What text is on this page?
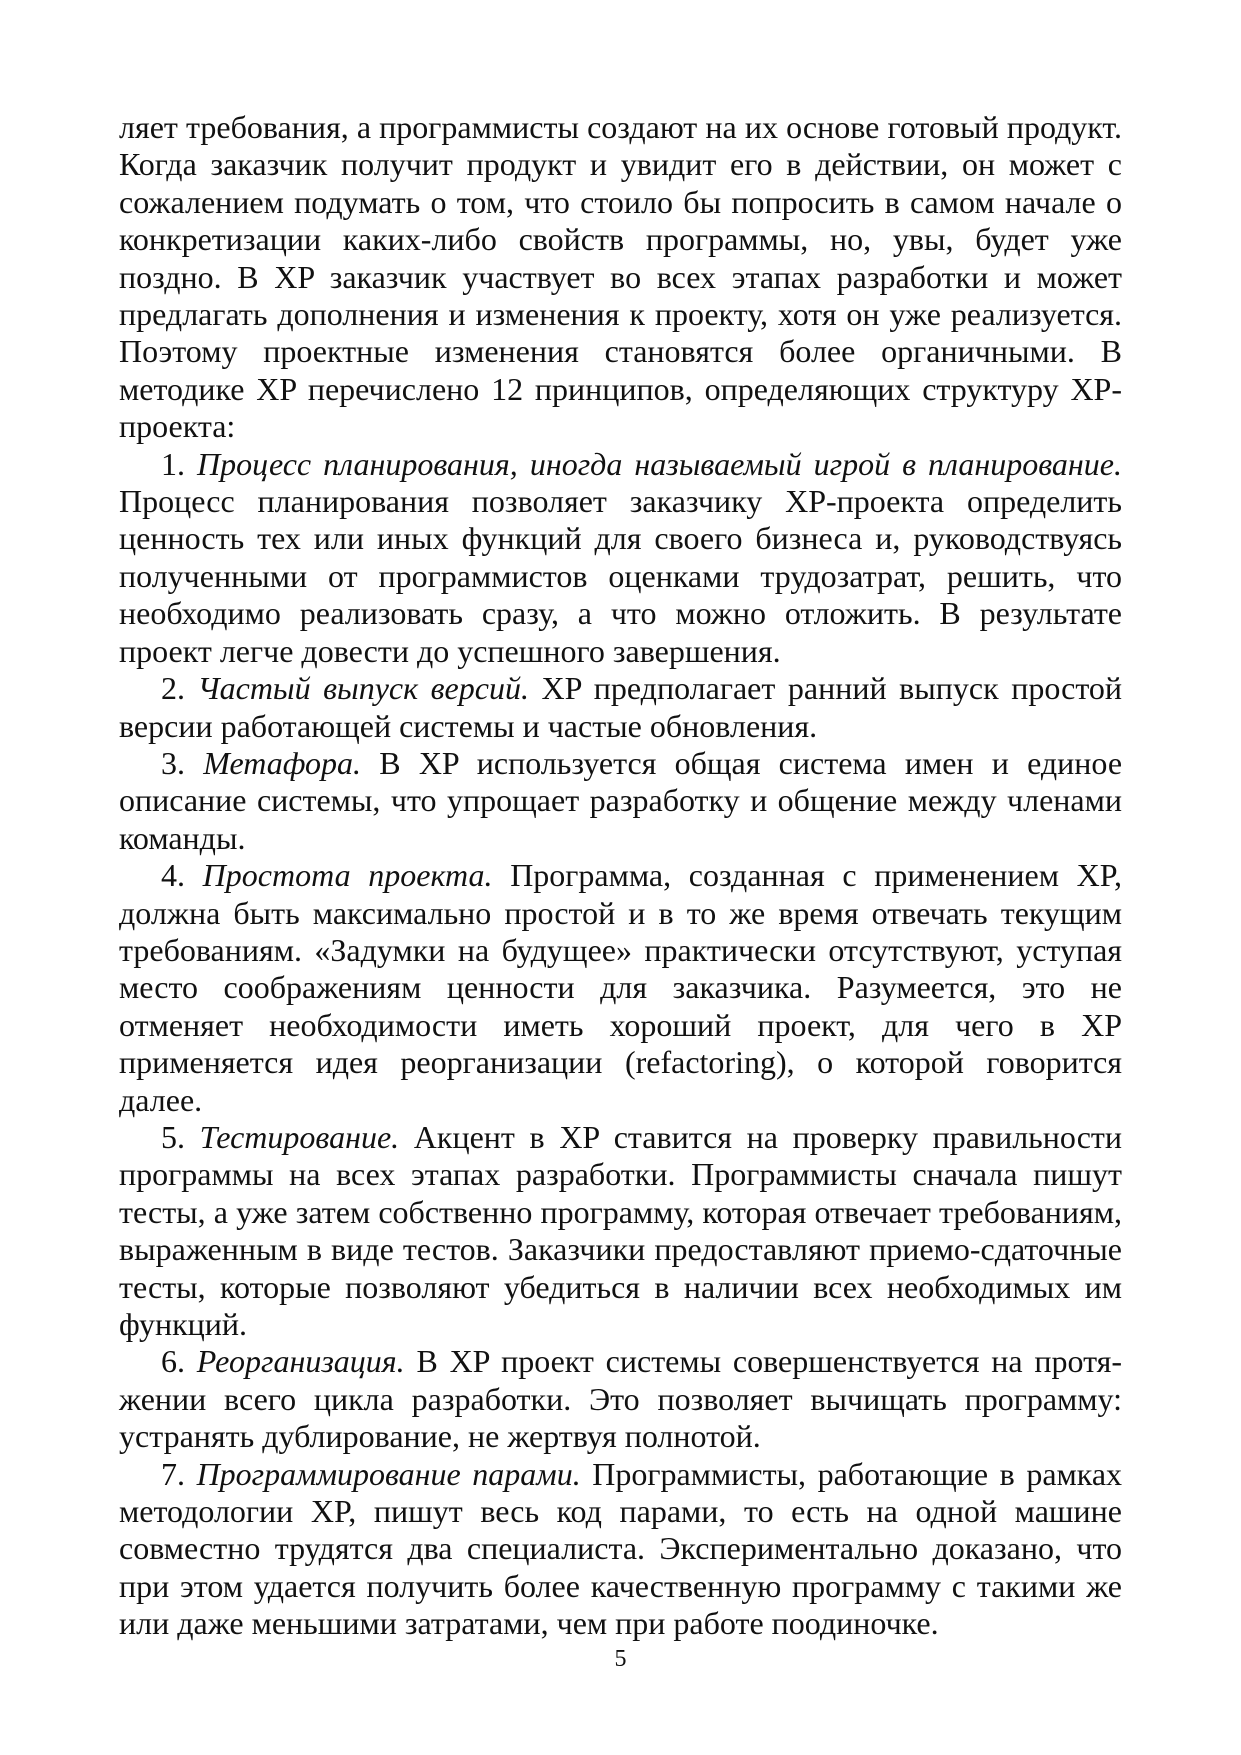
ляет требования, а программисты создают на их основе готовый продукт. Когда заказчик получит продукт и увидит его в действии, он может с сожалением подумать о том, что стоило бы попросить в самом начале о конкретизации каких-либо свойств программы, но, увы, будет уже поздно. В XP заказчик участвует во всех этапах разработки и может предлагать дополнения и изменения к проекту, хотя он уже реализуется. Поэтому проектные изменения становятся более органичными. В методике XP перечислено 12 принципов, определяющих структуру XP-проекта:

1. Процесс планирования, иногда называемый игрой в планирование. Процесс планирования позволяет заказчику XP-проекта определить ценность тех или иных функций для своего бизнеса и, руководствуясь полученными от программистов оценками трудозатрат, решить, что необходимо реализовать сразу, а что можно отложить. В результате проект легче довести до успешного завершения.

2. Частый выпуск версий. XP предполагает ранний выпуск простой версии работающей системы и частые обновления.

3. Метафора. В XP используется общая система имен и единое описание системы, что упрощает разработку и общение между членами команды.

4. Простота проекта. Программа, созданная с применением XP, должна быть максимально простой и в то же время отвечать текущим требованиям. «Задумки на будущее» практически отсутствуют, уступая место соображениям ценности для заказчика. Разумеется, это не отменяет необходимости иметь хороший проект, для чего в XP применяется идея реорганизации (refactoring), о которой говорится далее.

5. Тестирование. Акцент в XP ставится на проверку правильности программы на всех этапах разработки. Программисты сначала пишут тесты, а уже затем собственно программу, которая отвечает требованиям, выраженным в виде тестов. Заказчики предоставляют приемо-сдаточные тесты, которые позволяют убедиться в наличии всех необходимых им функций.

6. Реорганизация. В XP проект системы совершенствуется на протяжении всего цикла разработки. Это позволяет вычищать программу: устранять дублирование, не жертвуя полнотой.

7. Программирование парами. Программисты, работающие в рамках методологии XP, пишут весь код парами, то есть на одной машине совместно трудятся два специалиста. Экспериментально доказано, что при этом удается получить более качественную программу с такими же или даже меньшими затратами, чем при работе поодиночке.

5
